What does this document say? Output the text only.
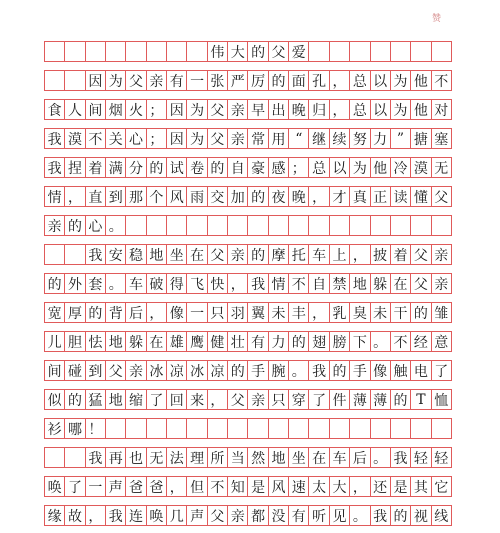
赞
伟 大 的 父 爱
因 为 父 亲 有 一 张 严 厉 的 面 孔 ， 总 以 为 他 不
食 人 间 烟 火 ； 因 为 父 亲 早 出 晚 归 ， 总 以 为 他 对
我 漠 不 关 心 ； 因 为 父 亲 常 用 “ 继 续 努 力 ” 搪 塞
我 捏 着 满 分 的 试 卷 的 自 豪 感 ； 总 以 为 他 冷 漠 无
情 ， 直 到 那 个 风 雨 交 加 的 夜 晚 ， 才 真 正 读 懂 父
亲 的 心 。
我 安 稳 地 坐 在 父 亲 的 摩 托 车 上 ， 披 着 父 亲
的 外 套 。 车 破 得 飞 快 ， 我 情 不 自 禁 地 躲 在 父 亲
宽 厚 的 背 后 ， 像 一 只 羽 翼 未 丰 ， 乳 臭 未 干 的 雏
儿 胆 怯 地 躲 在 雄 鹰 健 壮 有 力 的 翅 膀 下 。 不 经 意
间 碰 到 父 亲 冰 凉 冰 凉 的 手 腕 。 我 的 手 像 触 电 了
似 的 猛 地 缩 了 回 来 ， 父 亲 只 穿 了 件 薄 薄 的 T 恤
衫 哪 ！
我 再 也 无 法 理 所 当 然 地 坐 在 车 后 。 我 轻 轻
唤 了 一 声 爸 爸 ， 但 不 知 是 风 速 太 大 ， 还 是 其 它
缘 故 ， 我 连 唤 几 声 父 亲 都 没 有 听 见 。 我 的 视 线
